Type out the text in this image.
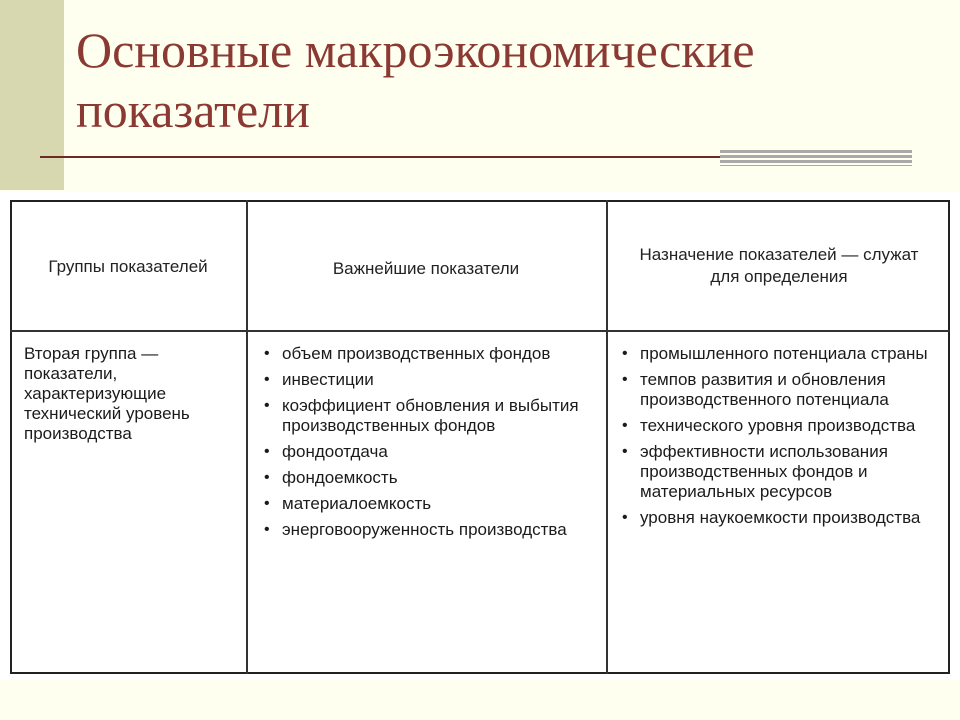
Основные макроэкономические показатели
Группы показателей	Важнейшие показатели
Назначение показателей — служат для определения
Вторая группа — показатели, характеризующие технический уровень производства
• объем производственных фондов
• инвестиции
• коэффициент обновления и выбытия производственных фондов
• фондоотдача
• фондоемкость
• материалоемкость
• энерговооруженность производства
• промышленного потенциала страны
• темпов развития и обновления производственного потенциала
• технического уровня производства
• эффективности использования производственных фондов и материальных ресурсов
• уровня наукоемкости производства
